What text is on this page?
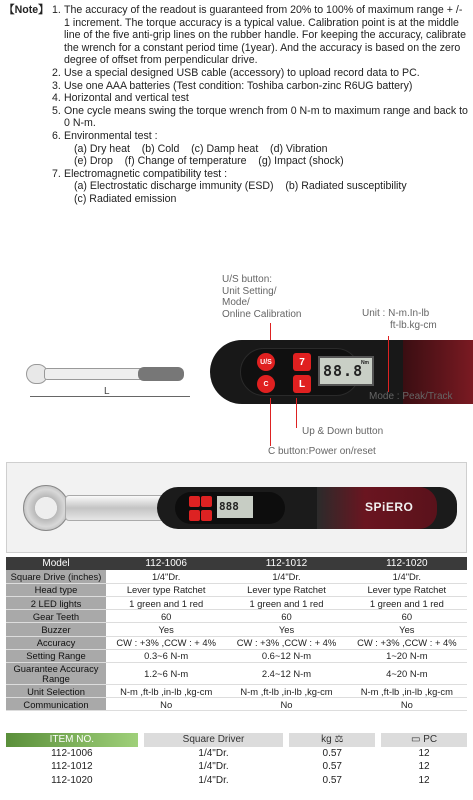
【Note】 1. The accuracy of the readout is guaranteed from 20% to 100% of maximum range + /- 1 increment. The torque accuracy is a typical value. Calibration point is at the middle line of the five anti-grip lines on the rubber handle. For keeping the accuracy, calibrate the wrench for a constant period time (1year). And the accuracy is based on the zero degree of offset from perpendicular drive.
2. Use a special designed USB cable (accessory) to upload record data to PC.
3. Use one AAA batteries (Test condition: Toshiba carbon-zinc R6UG battery)
4. Horizontal and vertical test
5. One cycle means swing the torque wrench from 0 N-m to maximum range and back to 0 N-m.
6. Environmental test :
(a) Dry heat    (b) Cold    (c) Damp heat    (d) Vibration
(e) Drop    (f) Change of temperature    (g) Impact (shock)
7. Electromagnetic compatibility test :
(a) Electrostatic discharge immunity (ESD)    (b) Radiated susceptibility
(c) Radiated emission
L
U/S button:
Unit Setting/
Mode/
Online Calibration	Unit : N-m.In-lb
ft-lb.kg-cm
U/S
C
7
L
88.8
Nm
Mode : Peak/Track
Up & Down button
C button:Power on/reset
888	SPiERO
Model	112-1006	112-1012	112-1020
Square Drive (inches)	1/4"Dr.	1/4"Dr.	1/4"Dr.
Head type	Lever type Ratchet	Lever type Ratchet	Lever type Ratchet
2 LED lights	1 green and 1 red	1 green and 1 red	1 green and 1 red
Gear Teeth	60	60	60
Buzzer	Yes	Yes	Yes
Accuracy	CW : +3% ,CCW : + 4%	CW : +3% ,CCW : + 4%	CW : +3% ,CCW : + 4%
Setting Range	0.3~6 N-m	0.6~12 N-m	1~20 N-m
Guarantee Accuracy Range	1.2~6 N-m	2.4~12 N-m	4~20 N-m
Unit Selection	N-m ,ft-lb ,in-lb ,kg-cm	N-m ,ft-lb ,in-lb ,kg-cm	N-m ,ft-lb ,in-lb ,kg-cm
Communication	No	No	No
ITEM NO.		Square Driver		kg ⚖		▭ PC
112-1006		1/4"Dr.		0.57		12
112-1012		1/4"Dr.		0.57		12
112-1020		1/4"Dr.		0.57		12
